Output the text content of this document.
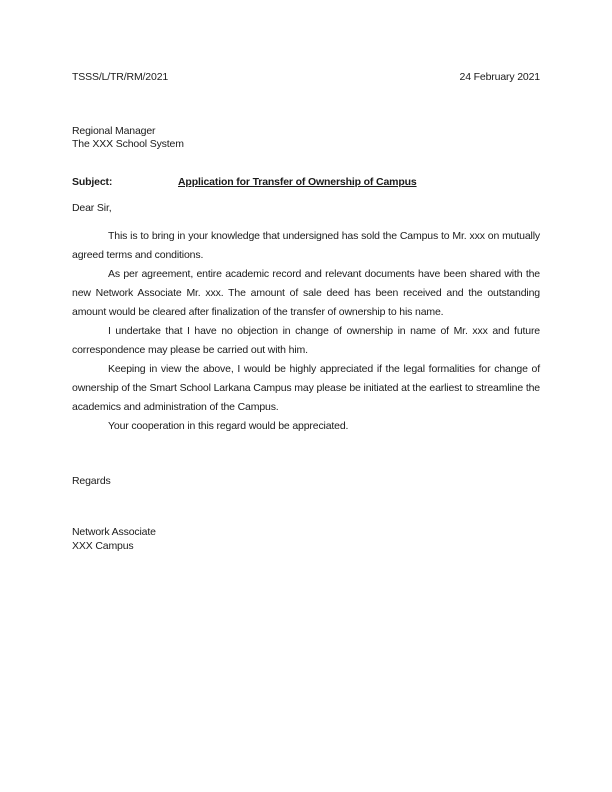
TSSS/L/TR/RM/2021	24 February 2021
Regional Manager
The XXX School System
Subject:	Application for Transfer of Ownership of Campus
Dear Sir,

This is to bring in your knowledge that undersigned has sold the Campus to Mr. xxx on mutually agreed terms and conditions.

As per agreement, entire academic record and relevant documents have been shared with the new Network Associate Mr. xxx. The amount of sale deed has been received and the outstanding amount would be cleared after finalization of the transfer of ownership to his name.

I undertake that I have no objection in change of ownership in name of Mr. xxx and future correspondence may please be carried out with him.

Keeping in view the above, I would be highly appreciated if the legal formalities for change of ownership of the Smart School Larkana Campus may please be initiated at the earliest to streamline the academics and administration of the Campus.

Your cooperation in this regard would be appreciated.

Regards
Network Associate
XXX Campus
